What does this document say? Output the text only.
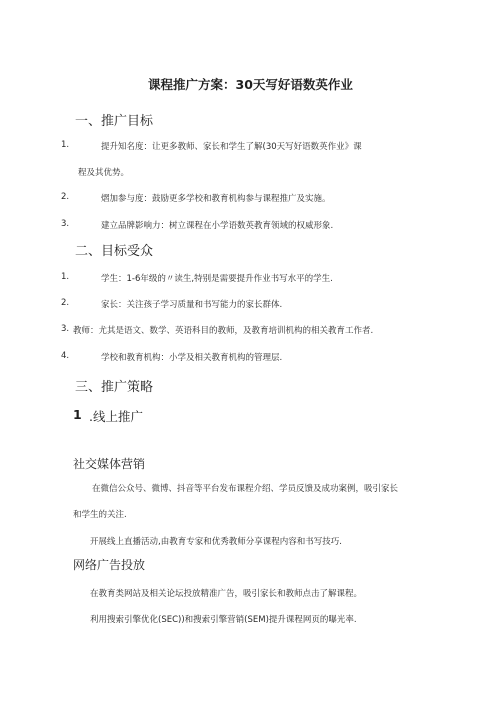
课程推广方案：30天写好语数英作业
一、推广目标
1.	提升知名度：让更多教师、家长和学生了解(30天写好语数英作业》课
程及其优势。
2.	熠加参与度：鼓励更多学校和教育机构参与课程推广及实施。
3.	建立品牌影响力：树立课程在小学语数英教育领域的权威形象.
二、目标受众
1.	学生：1-6年级的〃读生,特别是需要提升作业书写水平的学生.
2.	家长：关注孩子学习质量和书写能力的家长群体.
3. 教师：尤其是语文、数学、英语科目的教师，及教育培训机构的相关教育工作者.
4.	学校和教育机构：小学及相关教育机构的管理层.
三、推广策略
1 .线上推广
社交媒体营销
在微信公众号、微博、抖音等平台发布课程介绍、学员反馈及成功案例，吸引家长
和学生的关注.
开展线上直播活动,由教育专家和优秀教师分享课程内容和书写技巧.
网络广告投放
在教育类网站及相关论坛投放精准广告，吸引家长和教师点击了解课程。
利用搜索引擎优化(SEC))和搜索引擎营销(SEM)提升课程网页的曝光率.
